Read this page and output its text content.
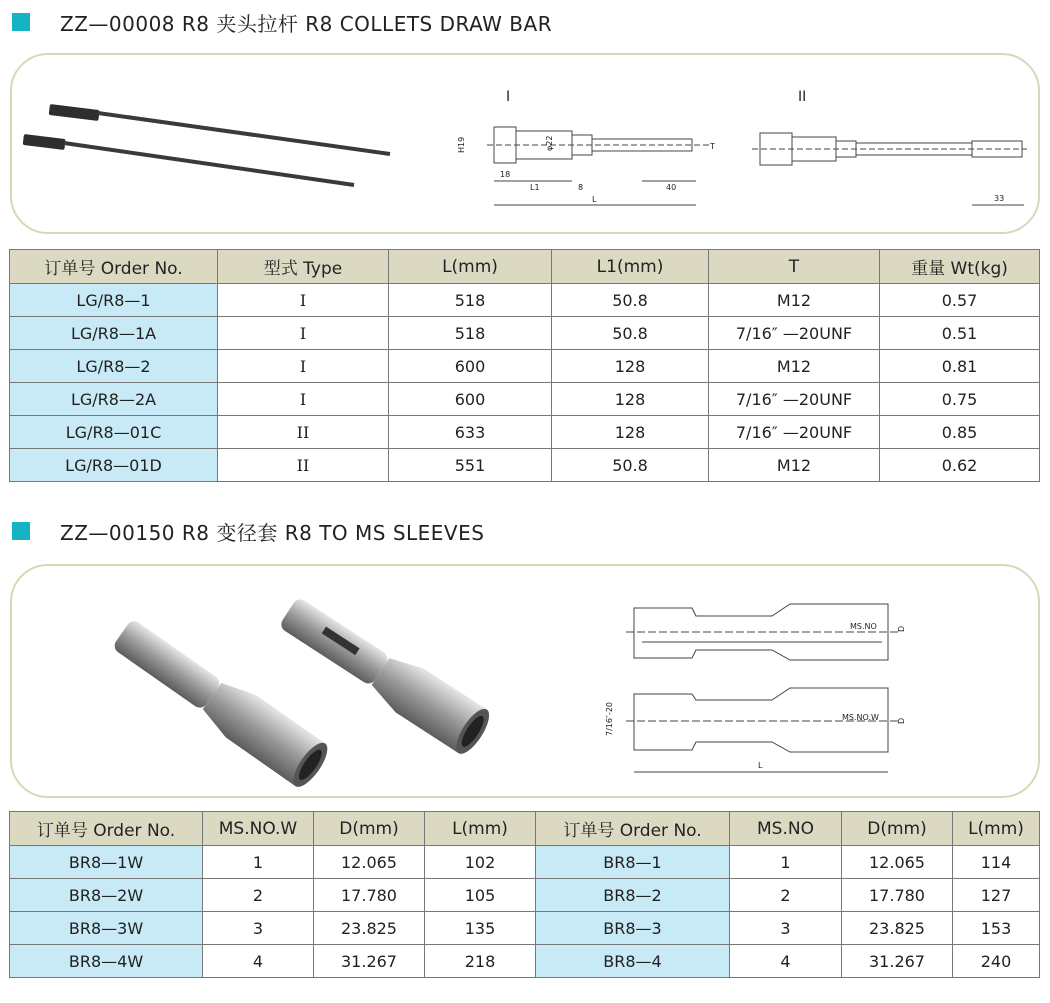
ZZ—00008 R8 夹头拉杆 R8 COLLETS DRAW BAR
I
H19	φ22
18
L1	8	40
L
T
II
33
订单号 Order No.	型式 Type	L(mm)	L1(mm)	T	重量 Wt(kg)
LG/R8—1	I	518	50.8	M12	0.57
LG/R8—1A	I	518	50.8	7/16″ —20UNF	0.51
LG/R8—2	I	600	128	M12	0.81
LG/R8—2A	I	600	128	7/16″ —20UNF	0.75
LG/R8—01C	II	633	128	7/16″ —20UNF	0.85
LG/R8—01D	II	551	50.8	M12	0.62
ZZ—00150 R8 变径套 R8 TO MS SLEEVES
MS.NO	D
MS.NO.W D
7/16″-20
L
订单号 Order No.	MS.NO.W	D(mm)	L(mm)	订单号 Order No.	MS.NO	D(mm)	L(mm)
BR8—1W	1	12.065	102	BR8—1	1	12.065	114
BR8—2W	2	17.780	105	BR8—2	2	17.780	127
BR8—3W	3	23.825	135	BR8—3	3	23.825	153
BR8—4W	4	31.267	218	BR8—4	4	31.267	240
